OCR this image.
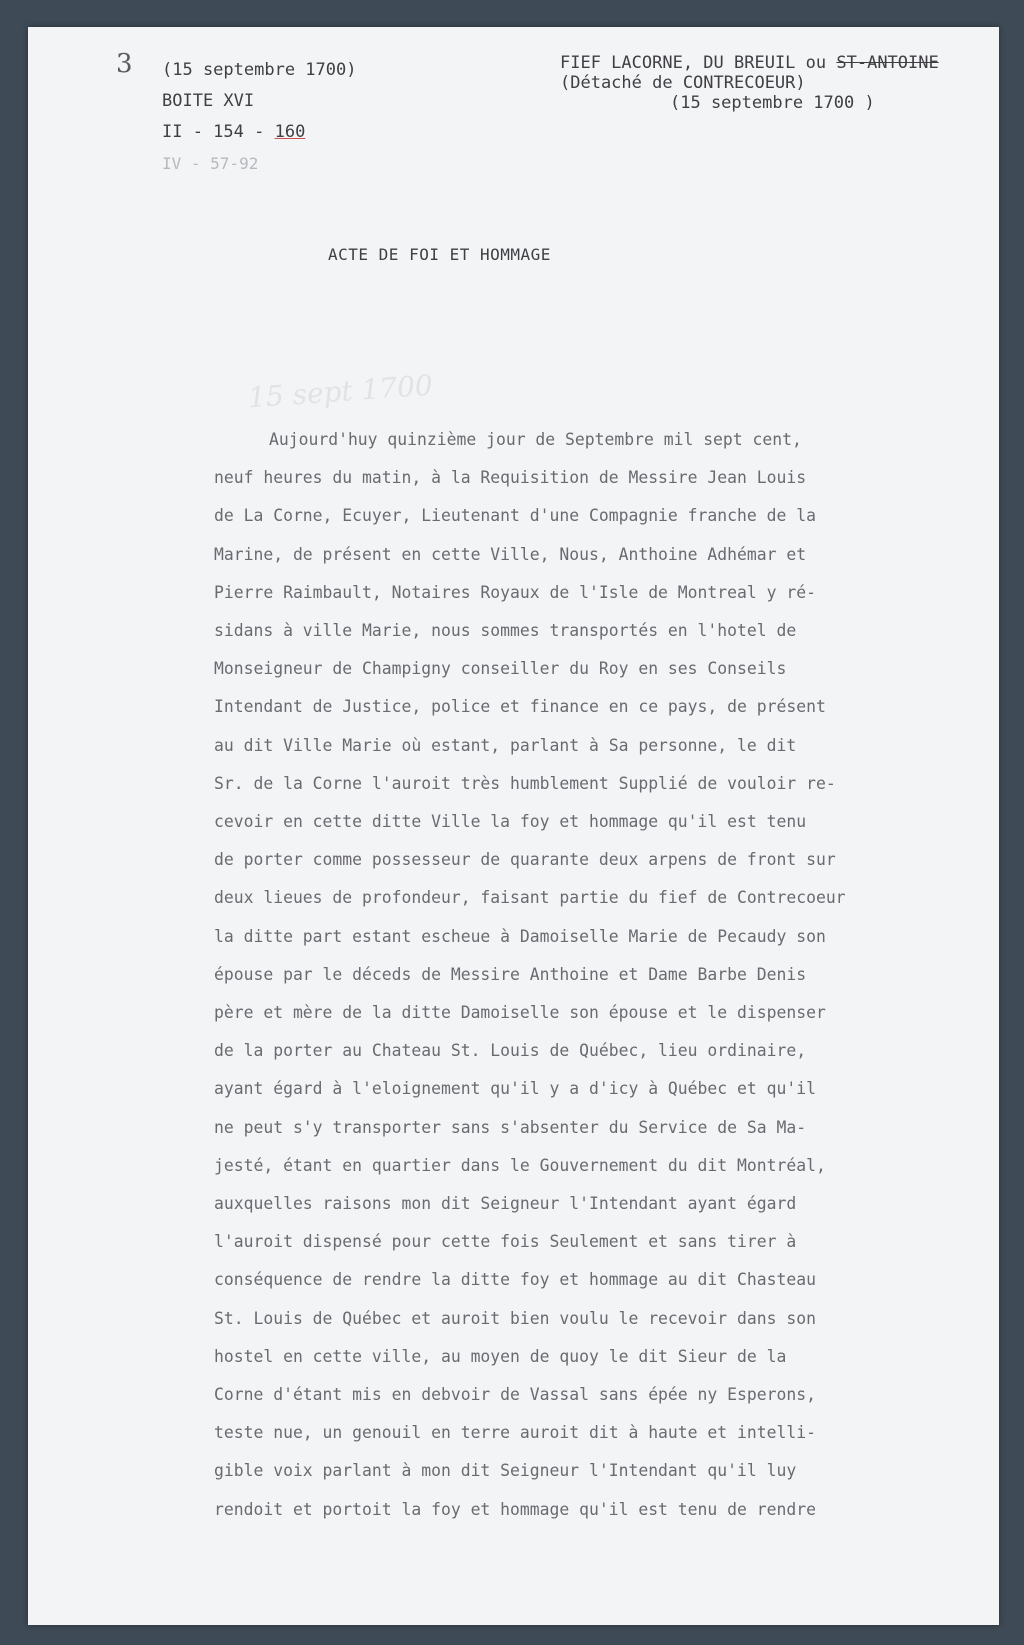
3 (15 septembre 1700)
BOITE XVI
II - 154 - 160
IV - 57-92
FIEF LACORNE, DU BREUIL ou ST-ANTOINE
(Détaché de CONTRECOEUR)
(15 septembre 1700 )
ACTE DE FOI ET HOMMAGE
15 sept 1700
Aujourd'huy quinzième jour de Septembre mil sept cent,
neuf heures du matin, à la Requisition de Messire Jean Louis
de La Corne, Ecuyer, Lieutenant d'une Compagnie franche de la
Marine, de présent en cette Ville, Nous, Anthoine Adhémar et
Pierre Raimbault, Notaires Royaux de l'Isle de Montreal y ré-
sidans à ville Marie, nous sommes transportés en l'hotel de
Monseigneur de Champigny conseiller du Roy en ses Conseils
Intendant de Justice, police et finance en ce pays, de présent
au dit Ville Marie où estant, parlant à Sa personne, le dit
Sr. de la Corne l'auroit très humblement Supplié de vouloir re-
cevoir en cette ditte Ville la foy et hommage qu'il est tenu
de porter comme possesseur de quarante deux arpens de front sur
deux lieues de profondeur, faisant partie du fief de Contrecoeur
la ditte part estant escheue à Damoiselle Marie de Pecaudy son
épouse par le déceds de Messire Anthoine et Dame Barbe Denis
père et mère de la ditte Damoiselle son épouse et le dispenser
de la porter au Chateau St. Louis de Québec, lieu ordinaire,
ayant égard à l'eloignement qu'il y a d'icy à Québec et qu'il
ne peut s'y transporter sans s'absenter du Service de Sa Ma-
jesté, étant en quartier dans le Gouvernement du dit Montréal,
auxquelles raisons mon dit Seigneur l'Intendant ayant égard
l'auroit dispensé pour cette fois Seulement et sans tirer à
conséquence de rendre la ditte foy et hommage au dit Chasteau
St. Louis de Québec et auroit bien voulu le recevoir dans son
hostel en cette ville, au moyen de quoy le dit Sieur de la
Corne d'étant mis en debvoir de Vassal sans épée ny Esperons,
teste nue, un genouil en terre auroit dit à haute et intelli-
gible voix parlant à mon dit Seigneur l'Intendant qu'il luy
rendoit et portoit la foy et hommage qu'il est tenu de rendre
